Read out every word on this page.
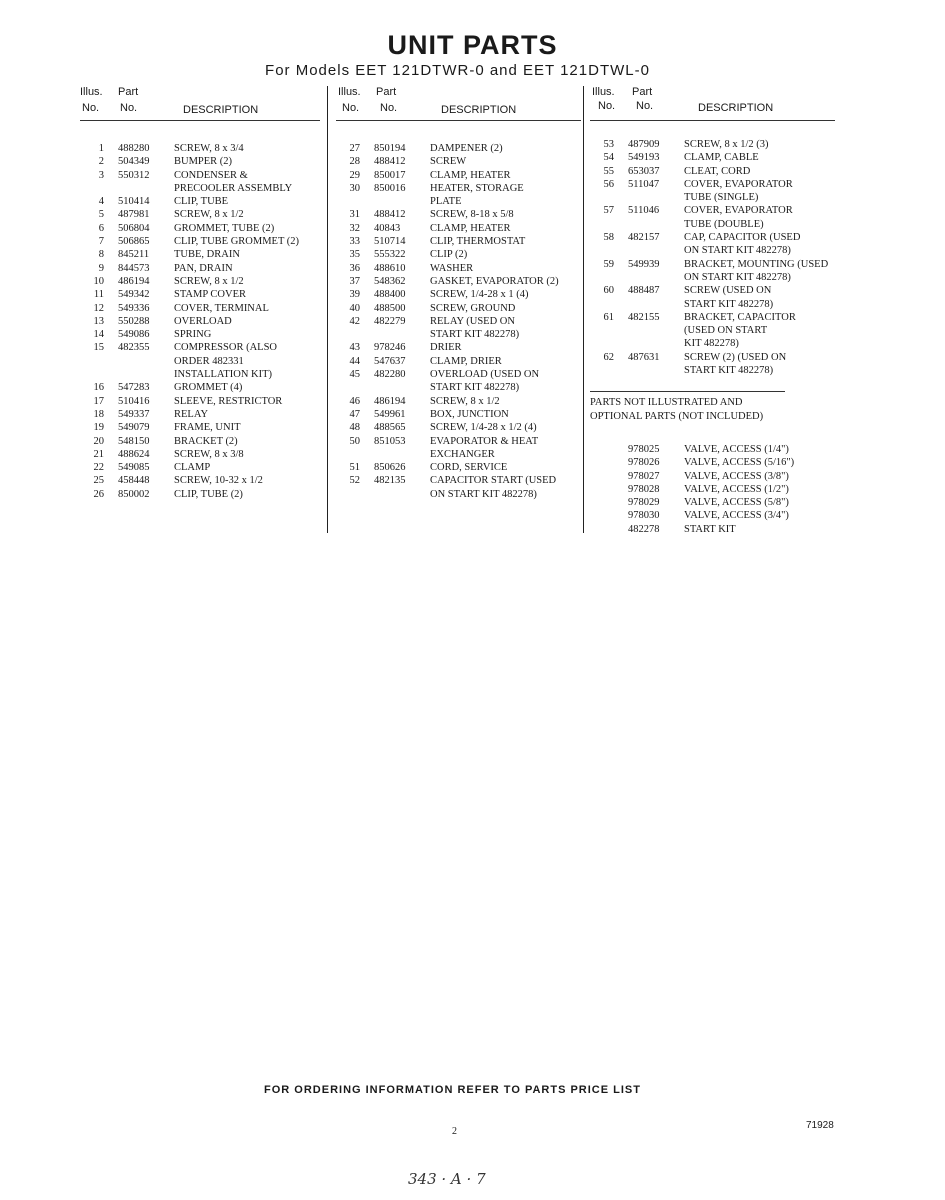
UNIT PARTS
For Models EET 121DTWR-0 and EET 121DTWL-0
Illus. Part
No. No.	DESCRIPTION
1	488280	SCREW, 8 x 3/4
2	504349	BUMPER (2)
3	550312	CONDENSER &
PRECOOLER ASSEMBLY
4	510414	CLIP, TUBE
5	487981	SCREW, 8 x 1/2
6	506804	GROMMET, TUBE (2)
7	506865	CLIP, TUBE GROMMET (2)
8	845211	TUBE, DRAIN
9	844573	PAN, DRAIN
10	486194	SCREW, 8 x 1/2
11	549342	STAMP COVER
12	549336	COVER, TERMINAL
13	550288	OVERLOAD
14	549086	SPRING
15	482355	COMPRESSOR (ALSO
ORDER 482331
INSTALLATION KIT)
16	547283	GROMMET (4)
17	510416	SLEEVE, RESTRICTOR
18	549337	RELAY
19	549079	FRAME, UNIT
20	548150	BRACKET (2)
21	488624	SCREW, 8 x 3/8
22	549085	CLAMP
25	458448	SCREW, 10-32 x 1/2
26	850002	CLIP, TUBE (2)
Illus. Part
No. No.	DESCRIPTION
27	850194	DAMPENER (2)
28	488412	SCREW
29	850017	CLAMP, HEATER
30	850016	HEATER, STORAGE
PLATE
31	488412	SCREW, 8-18 x 5/8
32	40843	CLAMP, HEATER
33	510714	CLIP, THERMOSTAT
35	555322	CLIP (2)
36	488610	WASHER
37	548362	GASKET, EVAPORATOR (2)
39	488400	SCREW, 1/4-28 x 1 (4)
40	488500	SCREW, GROUND
42	482279	RELAY (USED ON
START KIT 482278)
43	978246	DRIER
44	547637	CLAMP, DRIER
45	482280	OVERLOAD (USED ON
START KIT 482278)
46	486194	SCREW, 8 x 1/2
47	549961	BOX, JUNCTION
48	488565	SCREW, 1/4-28 x 1/2 (4)
50	851053	EVAPORATOR & HEAT
EXCHANGER
51	850626	CORD, SERVICE
52	482135	CAPACITOR START (USED
ON START KIT 482278)
Illus. Part
No. No.	DESCRIPTION
53	487909	SCREW, 8 x 1/2 (3)
54	549193	CLAMP, CABLE
55	653037	CLEAT, CORD
56	511047	COVER, EVAPORATOR
TUBE (SINGLE)
57	511046	COVER, EVAPORATOR
TUBE (DOUBLE)
58	482157	CAP, CAPACITOR (USED
ON START KIT 482278)
59	549939	BRACKET, MOUNTING (USED
ON START KIT 482278)
60	488487	SCREW (USED ON
START KIT 482278)
61	482155	BRACKET, CAPACITOR
(USED ON START
KIT 482278)
62	487631	SCREW (2) (USED ON
START KIT 482278)
PARTS NOT ILLUSTRATED AND
OPTIONAL PARTS (NOT INCLUDED)
978025	VALVE, ACCESS (1/4")
978026	VALVE, ACCESS (5/16")
978027	VALVE, ACCESS (3/8")
978028	VALVE, ACCESS (1/2")
978029	VALVE, ACCESS (5/8")
978030	VALVE, ACCESS (3/4")
482278	START KIT
FOR ORDERING INFORMATION REFER TO PARTS PRICE LIST
2
71928
343 · A · 7
